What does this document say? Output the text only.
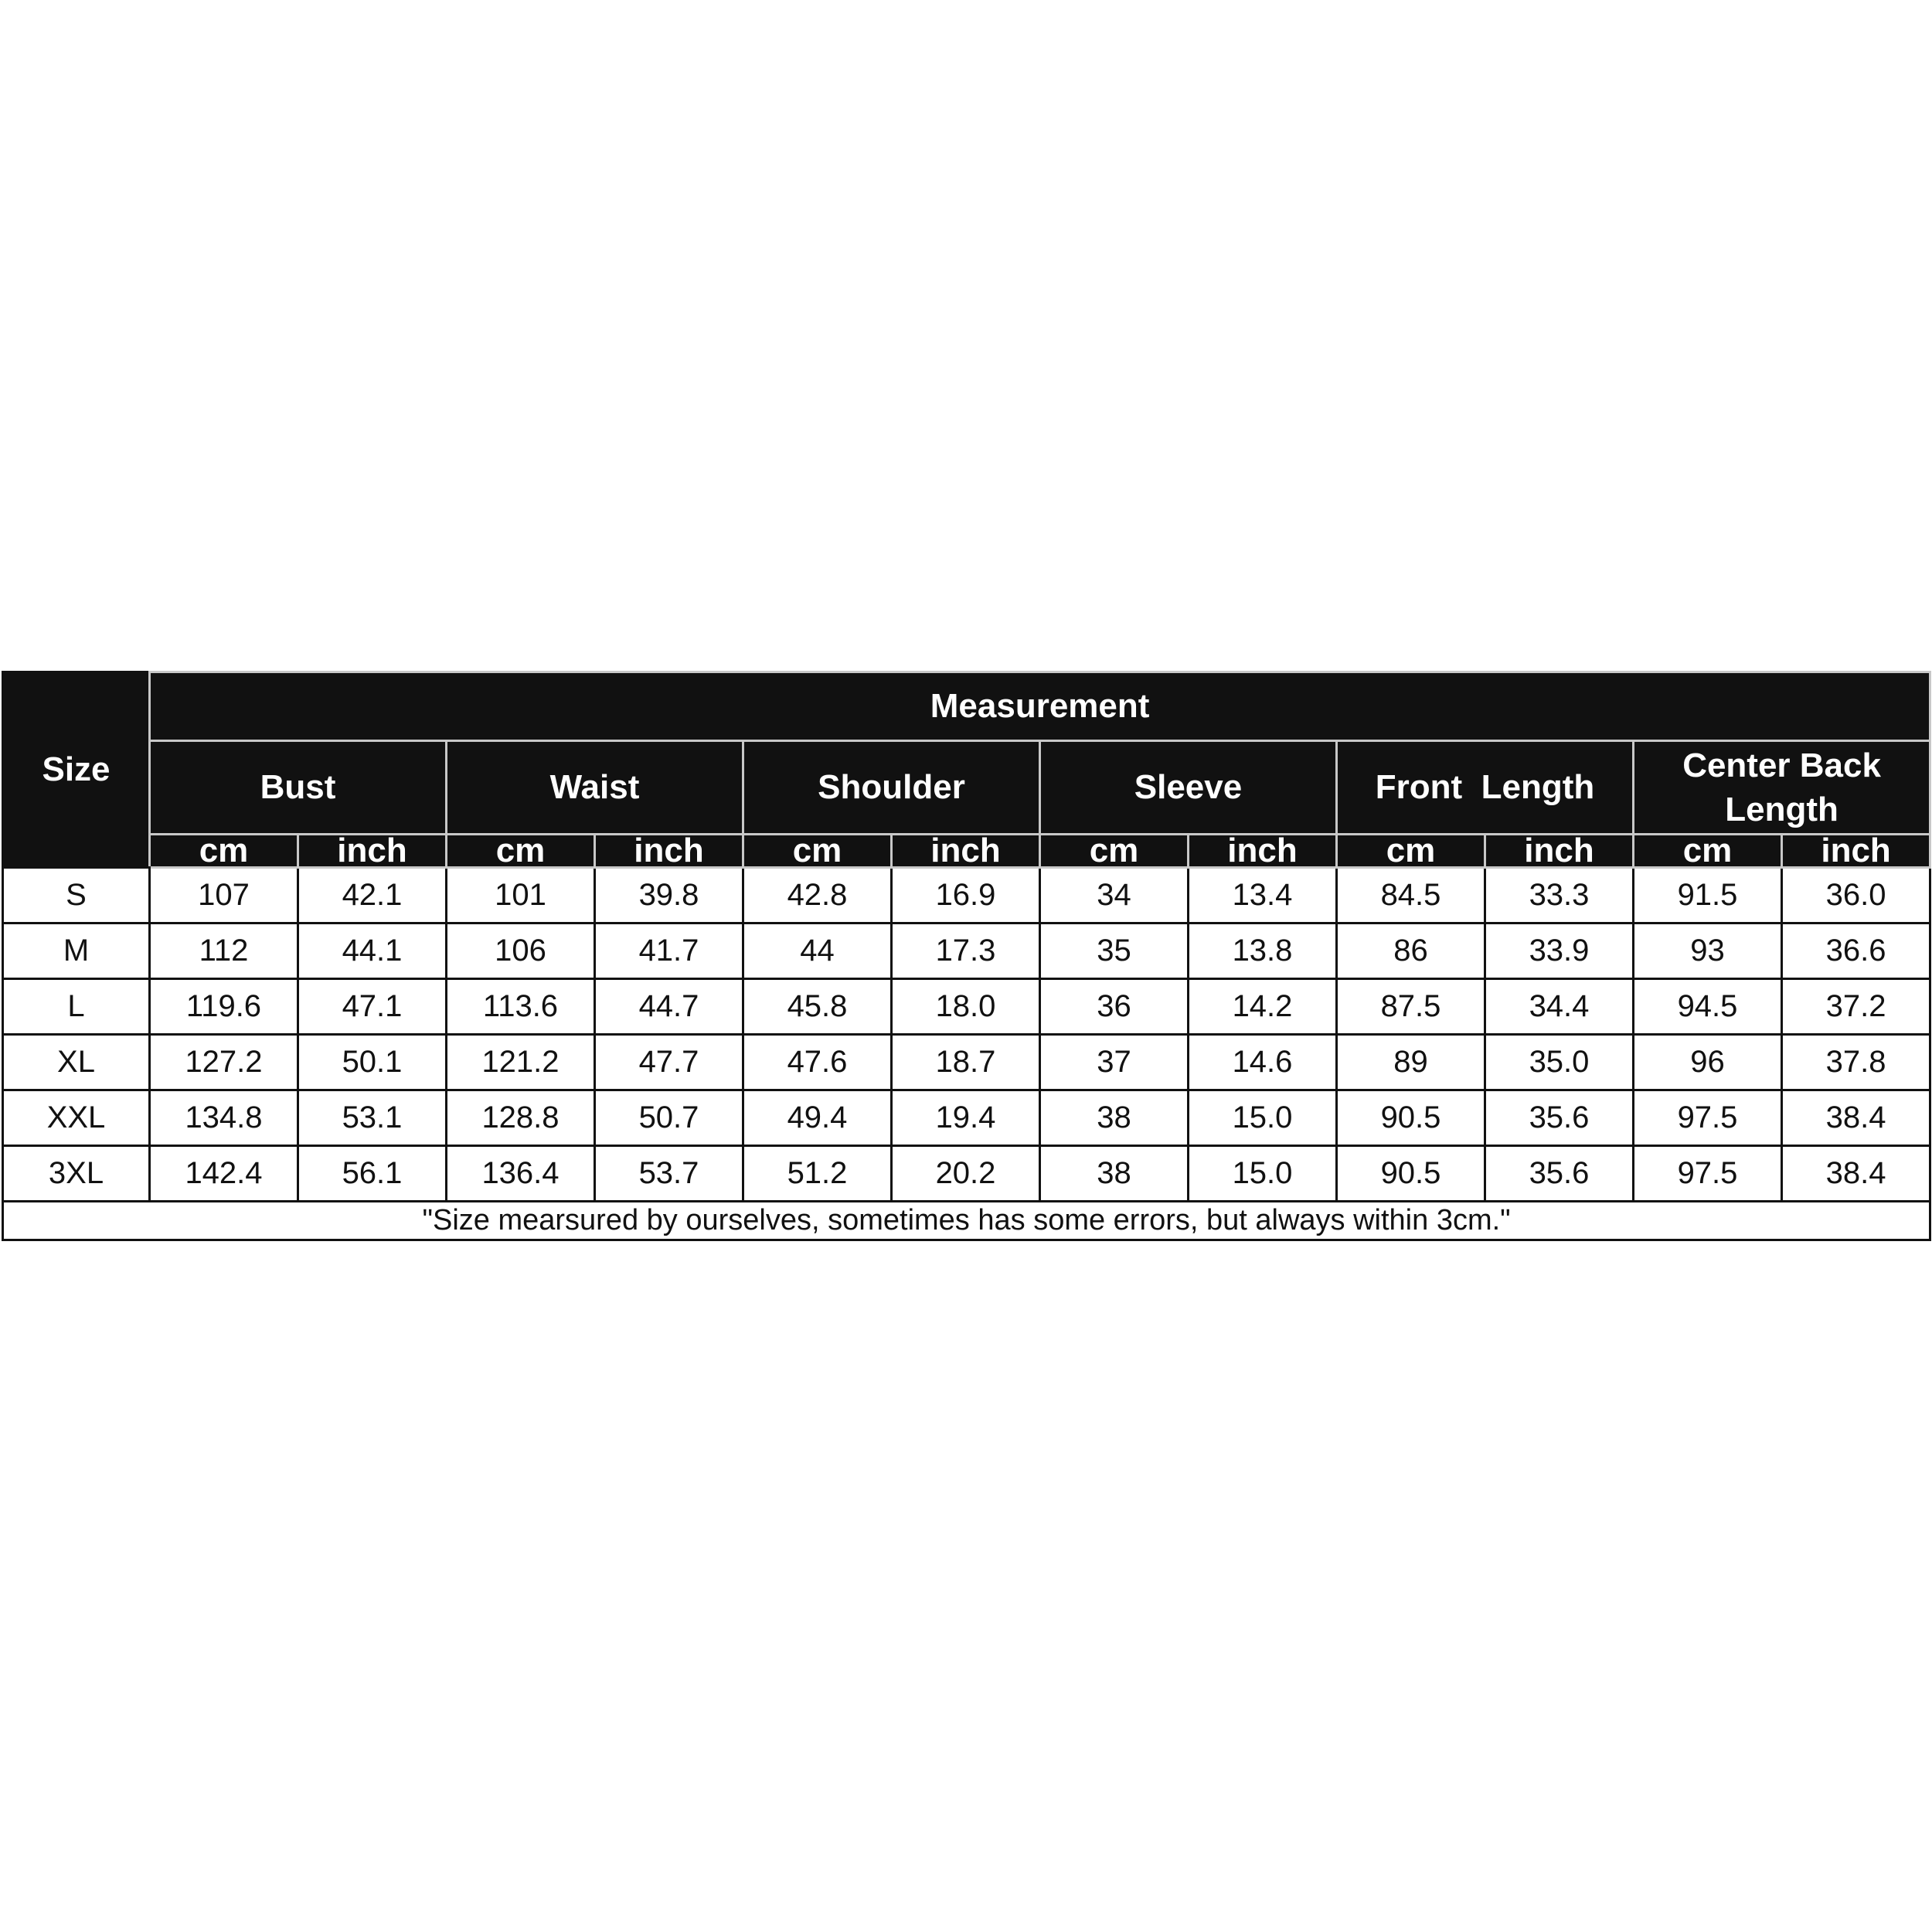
Size	Measurement											
	Bust		Waist		Shoulder		Sleeve		Front  Length		Center Back Length	
	cm	inch	cm	inch	cm	inch	cm	inch	cm	inch	cm	inch
S	107	42.1	101	39.8	42.8	16.9	34	13.4	84.5	33.3	91.5	36.0
M	112	44.1	106	41.7	44	17.3	35	13.8	86	33.9	93	36.6
L	119.6	47.1	113.6	44.7	45.8	18.0	36	14.2	87.5	34.4	94.5	37.2
XL	127.2	50.1	121.2	47.7	47.6	18.7	37	14.6	89	35.0	96	37.8
XXL	134.8	53.1	128.8	50.7	49.4	19.4	38	15.0	90.5	35.6	97.5	38.4
3XL	142.4	56.1	136.4	53.7	51.2	20.2	38	15.0	90.5	35.6	97.5	38.4
"Size mearsured by ourselves, sometimes has some errors, but always within 3cm."												
